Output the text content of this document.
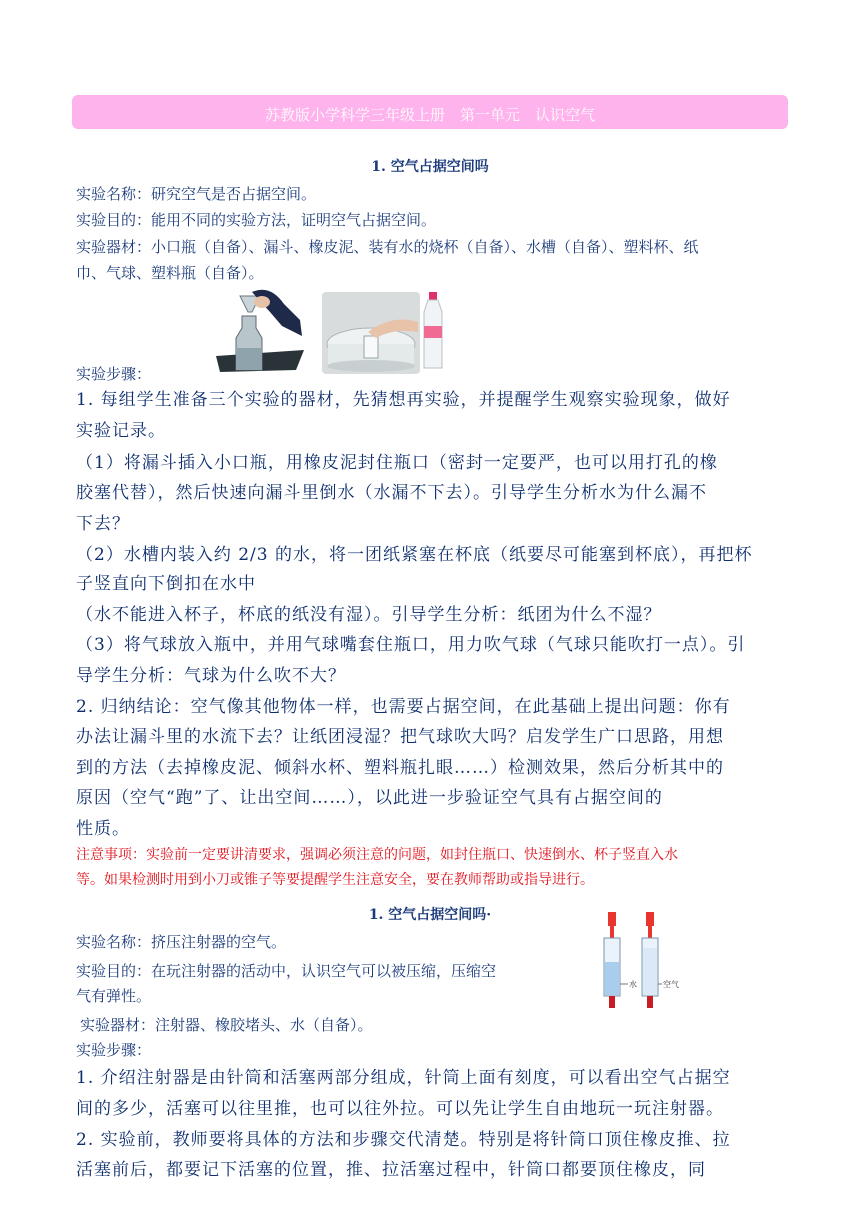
苏教版小学科学三年级上册　第一单元　认识空气
1. 空气占据空间吗
实验名称：研究空气是否占据空间。
实验目的：能用不同的实验方法，证明空气占据空间。
实验器材：小口瓶（自备）、漏斗、橡皮泥、装有水的烧杯（自备）、水槽（自备）、塑料杯、纸
巾、气球、塑料瓶（自备）。
实验步骤：
1. 每组学生准备三个实验的器材，先猜想再实验，并提醒学生观察实验现象，做好
实验记录。
（1）将漏斗插入小口瓶，用橡皮泥封住瓶口（密封一定要严，也可以用打孔的橡
胶塞代替），然后快速向漏斗里倒水（水漏不下去）。引导学生分析水为什么漏不
下去？
（2）水槽内装入约 2/3 的水，将一团纸紧塞在杯底（纸要尽可能塞到杯底），再把杯
子竖直向下倒扣在水中
（水不能进入杯子，杯底的纸没有湿）。引导学生分析：纸团为什么不湿？
（3）将气球放入瓶中，并用气球嘴套住瓶口，用力吹气球（气球只能吹打一点）。引
导学生分析：气球为什么吹不大？
2. 归纳结论：空气像其他物体一样，也需要占据空间，在此基础上提出问题：你有
办法让漏斗里的水流下去？让纸团浸湿？把气球吹大吗？启发学生广口思路，用想
到的方法（去掉橡皮泥、倾斜水杯、塑料瓶扎眼……）检测效果，然后分析其中的
原因（空气“跑”了、让出空间……），以此进一步验证空气具有占据空间的
性质。
注意事项：实验前一定要讲清要求，强调必须注意的问题，如封住瓶口、快速倒水、杯子竖直入水
等。如果检测时用到小刀或锥子等要提醒学生注意安全，要在教师帮助或指导进行。
1. 空气占据空间吗·
实验名称：挤压注射器的空气。
实验目的：在玩注射器的活动中，认识空气可以被压缩，压缩空
气有弹性。
实验器材：注射器、橡胶堵头、水（自备）。
实验步骤：
1. 介绍注射器是由针筒和活塞两部分组成，针筒上面有刻度，可以看出空气占据空
间的多少，活塞可以往里推，也可以往外拉。可以先让学生自由地玩一玩注射器。
2. 实验前，教师要将具体的方法和步骤交代清楚。特别是将针筒口顶住橡皮推、拉
活塞前后，都要记下活塞的位置，推、拉活塞过程中，针筒口都要顶住橡皮，同
水	空气
